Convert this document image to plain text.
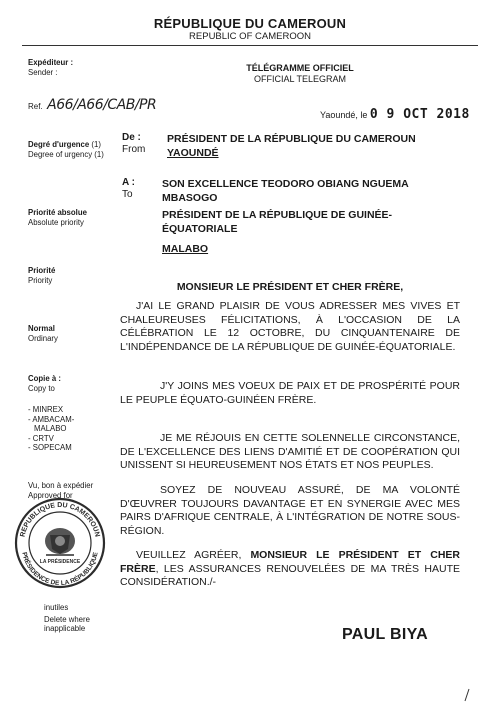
RÉPUBLIQUE DU CAMEROUN
REPUBLIC OF CAMEROON
Expéditeur :
Sender :
Ref. A66/A66/CAB/PR
Degré d'urgence (1)
Degree of urgency (1)
Priorité absolue
Absolute priority
Priorité
Priority
Normal
Ordinary
Copie à :
Copy to
- MINREX
- AMBACAM-
MALABO
- CRTV
- SOPECAM
Vu, bon à expédier
Approved for
inutiles
Delete where
inapplicable
REPUBLIQUE DU CAMEROUN
PRÉSIDENCE DE LA RÉPUBLIQUE
LA PRÉSIDENCE
TÉLÉGRAMME OFFICIEL
OFFICIAL TELEGRAM
Yaoundé, le 0 9 OCT 2018
De :
From
PRÉSIDENT DE LA RÉPUBLIQUE DU CAMEROUN
YAOUNDÉ
A :
To
SON EXCELLENCE TEODORO OBIANG NGUEMA
MBASOGO
PRÉSIDENT DE LA RÉPUBLIQUE DE GUINÉE-
ÉQUATORIALE
MALABO
MONSIEUR LE PRÉSIDENT ET CHER FRÈRE,

J'AI LE GRAND PLAISIR DE VOUS ADRESSER MES VIVES ET CHALEUREUSES FÉLICITATIONS, À L'OCCASION DE LA CÉLÉBRATION LE 12 OCTOBRE, DU CINQUANTENAIRE DE L'INDÉPENDANCE DE LA RÉPUBLIQUE DE GUINÉE-ÉQUATORIALE.

J'Y JOINS MES VOEUX DE PAIX ET DE PROSPÉRITÉ POUR LE PEUPLE ÉQUATO-GUINÉEN FRÈRE.

JE ME RÉJOUIS EN CETTE SOLENNELLE CIRCONSTANCE, DE L'EXCELLENCE DES LIENS D'AMITIÉ ET DE COOPÉRATION QUI UNISSENT SI HEUREUSEMENT NOS ÉTATS ET NOS PEUPLES.

SOYEZ DE NOUVEAU ASSURÉ, DE MA VOLONTÉ D'ŒUVRER TOUJOURS DAVANTAGE ET EN SYNERGIE AVEC MES PAIRS D'AFRIQUE CENTRALE, À L'INTÉGRATION DE NOTRE SOUS-RÉGION.

VEUILLEZ AGRÉER, MONSIEUR LE PRÉSIDENT ET CHER FRÈRE, LES ASSURANCES RENOUVELÉES DE MA TRÈS HAUTE CONSIDÉRATION./-

PAUL BIYA
